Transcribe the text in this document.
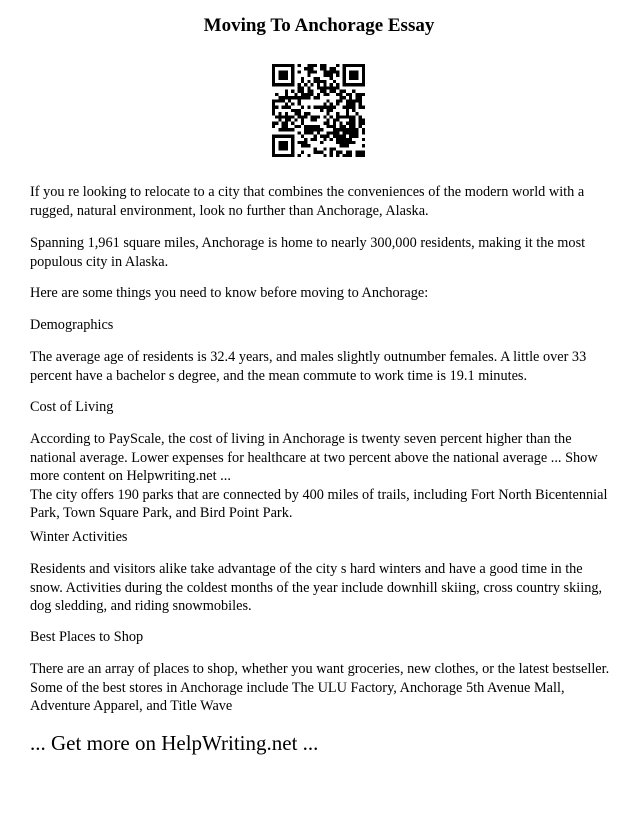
Moving To Anchorage Essay

If you re looking to relocate to a city that combines the conveniences of the modern world with a rugged, natural environment, look no further than Anchorage, Alaska.

Spanning 1,961 square miles, Anchorage is home to nearly 300,000 residents, making it the most populous city in Alaska.

Here are some things you need to know before moving to Anchorage:

Demographics

The average age of residents is 32.4 years, and males slightly outnumber females. A little over 33 percent have a bachelor s degree, and the mean commute to work time is 19.1 minutes.

Cost of Living

According to PayScale, the cost of living in Anchorage is twenty seven percent higher than the national average. Lower expenses for healthcare at two percent above the national average ... Show more content on Helpwriting.net ...

The city offers 190 parks that are connected by 400 miles of trails, including Fort North Bicentennial Park, Town Square Park, and Bird Point Park.

Winter Activities

Residents and visitors alike take advantage of the city s hard winters and have a good time in the snow. Activities during the coldest months of the year include downhill skiing, cross country skiing, dog sledding, and riding snowmobiles.

Best Places to Shop

There are an array of places to shop, whether you want groceries, new clothes, or the latest bestseller. Some of the best stores in Anchorage include The ULU Factory, Anchorage 5th Avenue Mall, Adventure Apparel, and Title Wave

... Get more on HelpWriting.net ...
